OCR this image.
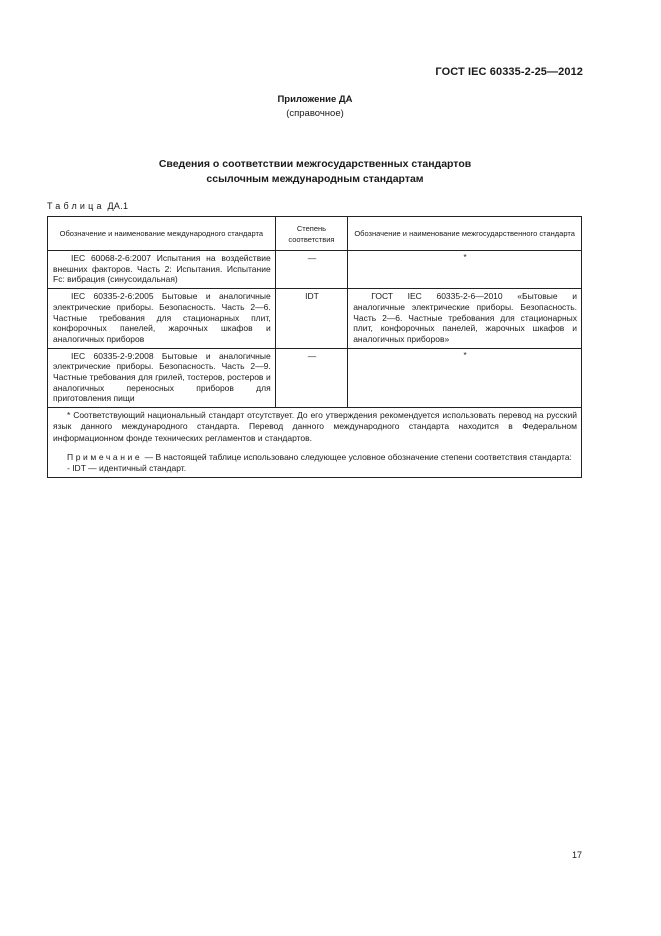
ГОСТ IEC 60335-2-25—2012
Приложение ДА
(справочное)
Сведения о соответствии межгосударственных стандартов
ссылочным международным стандартам
Таблица ДА.1
Обозначение и наименование международного стандарта	Степень соответствия	Обозначение и наименование межгосударственного стандарта
IEC 60068-2-6:2007 Испытания на воздействие внешних факторов. Часть 2: Испытания. Испытание Fc: вибрация (синусоидальная)	—	*
IEC 60335-2-6:2005 Бытовые и аналогичные электрические приборы. Безопасность. Часть 2—6. Частные требования для стационарных плит, конфорочных панелей, жарочных шкафов и аналогичных приборов	IDT	ГОСТ IEC 60335-2-6—2010 «Бытовые и аналогичные электрические приборы. Безопасность. Часть 2—6. Частные требования для стационарных плит, конфорочных панелей, жарочных шкафов и аналогичных приборов»
IEC 60335-2-9:2008 Бытовые и аналогичные электрические приборы. Безопасность. Часть 2—9. Частные требования для грилей, тостеров, ростеров и аналогичных переносных приборов для приготовления пищи	—	*

* Соответствующий национальный стандарт отсутствует. До его утверждения рекомендуется использовать перевод на русский язык данного международного стандарта. Перевод данного международного стандарта находится в Федеральном информационном фонде технических регламентов и стандартов.

Примечание — В настоящей таблице использовано следующее условное обозначение степени соответствия стандарта:

- IDT — идентичный стандарт.		

17
